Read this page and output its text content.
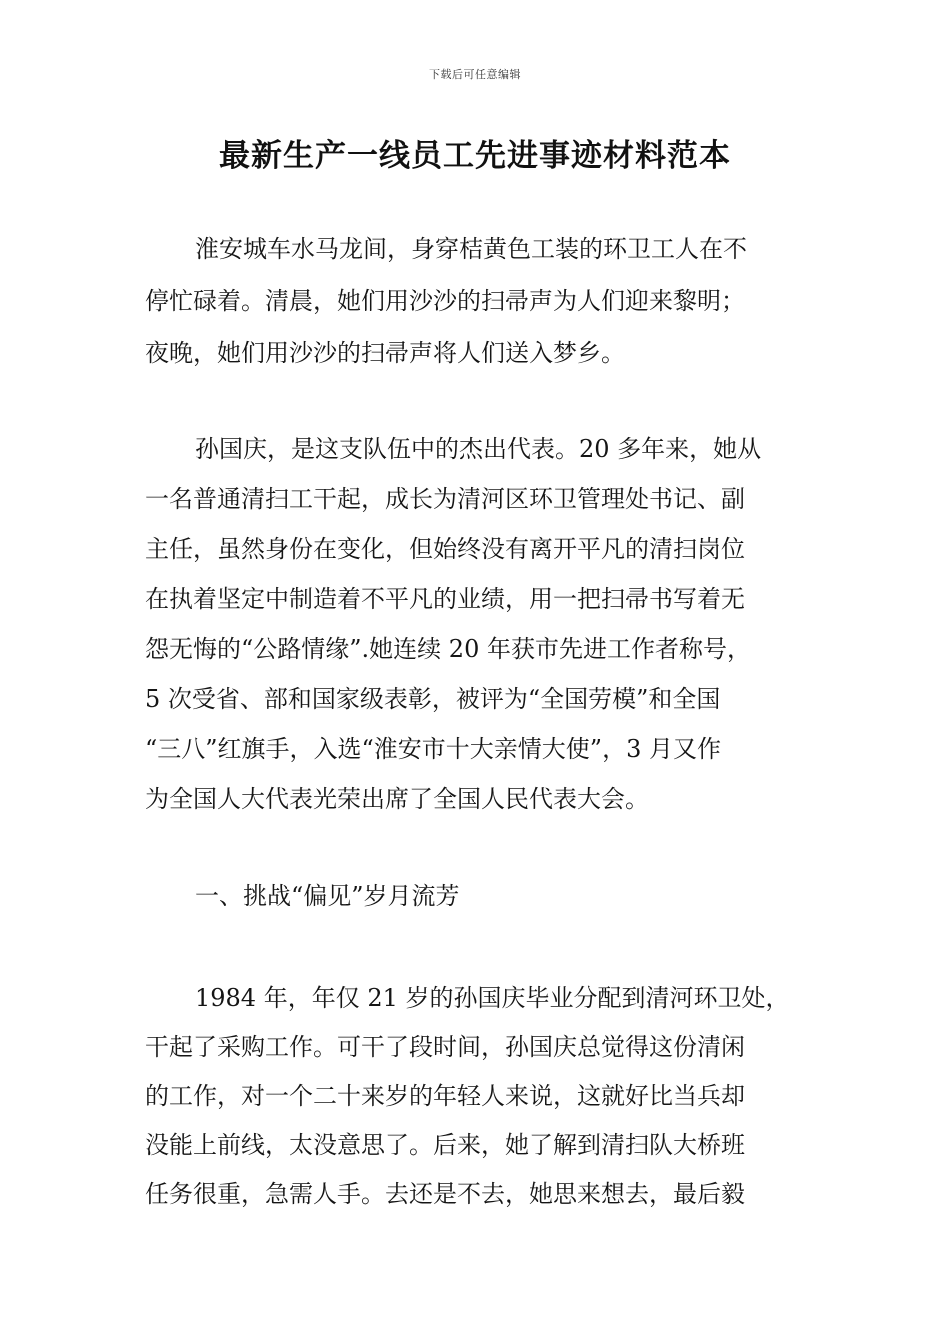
下载后可任意编辑
最新生产一线员工先进事迹材料范本
淮安城车水马龙间，身穿桔黄色工装的环卫工人在不
停忙碌着。清晨，她们用沙沙的扫帚声为人们迎来黎明；
夜晚，她们用沙沙的扫帚声将人们送入梦乡。
孙国庆，是这支队伍中的杰出代表。20 多年来，她从
一名普通清扫工干起，成长为清河区环卫管理处书记、副
主任，虽然身份在变化，但始终没有离开平凡的清扫岗位
在执着坚定中制造着不平凡的业绩，用一把扫帚书写着无
怨无悔的“公路情缘”.她连续 20 年获市先进工作者称号，
5 次受省、部和国家级表彰，被评为“全国劳模”和全国
“三八”红旗手，入选“淮安市十大亲情大使”，3 月又作
为全国人大代表光荣出席了全国人民代表大会。
一、挑战“偏见”岁月流芳
1984 年，年仅 21 岁的孙国庆毕业分配到清河环卫处，
干起了采购工作。可干了段时间，孙国庆总觉得这份清闲
的工作，对一个二十来岁的年轻人来说，这就好比当兵却
没能上前线，太没意思了。后来，她了解到清扫队大桥班
任务很重，急需人手。去还是不去，她思来想去，最后毅
